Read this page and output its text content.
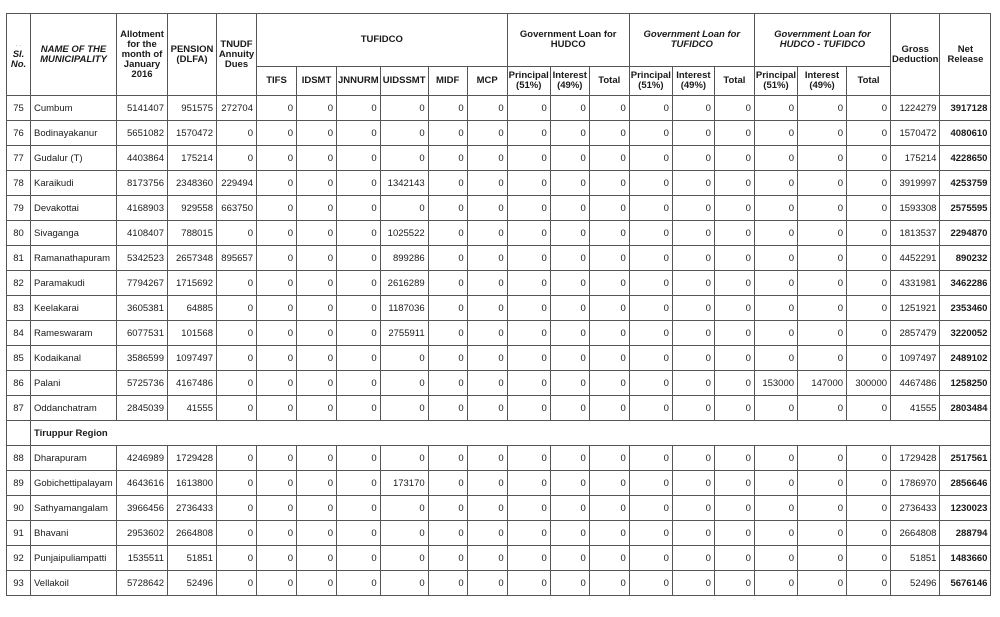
. .
Sl. No.	NAME OF THE MUNICIPALITY	Allotment for the month of January 2016	PENSION (DLFA)	TNUDF Annuity Dues	TUFIDCO						Government Loan for HUDCO			Government Loan for TUFIDCO			Government Loan for HUDCO - TUFIDCO			Gross Deduction	Net Release

					TIFS	IDSMT	JNNURM	UIDSSMT	MIDF	MCP	Principal (51%)	Interest (49%)	Total	Principal (51%)	Interest (49%)	Total	Principal (51%)	Interest (49%)	Total		
75	Cumbum	5141407	951575	272704	0	0	0	0	0	0	0	0	0	0	0	0	0	0	0	1224279	3917128
76	Bodinayakanur	5651082	1570472	0	0	0	0	0	0	0	0	0	0	0	0	0	0	0	0	1570472	4080610
77	Gudalur (T)	4403864	175214	0	0	0	0	0	0	0	0	0	0	0	0	0	0	0	0	175214	4228650
78	Karaikudi	8173756	2348360	229494	0	0	0	1342143	0	0	0	0	0	0	0	0	0	0	0	3919997	4253759
79	Devakottai	4168903	929558	663750	0	0	0	0	0	0	0	0	0	0	0	0	0	0	0	1593308	2575595
80	Sivaganga	4108407	788015	0	0	0	0	1025522	0	0	0	0	0	0	0	0	0	0	0	1813537	2294870
81	Ramanathapuram	5342523	2657348	895657	0	0	0	899286	0	0	0	0	0	0	0	0	0	0	0	4452291	890232
82	Paramakudi	7794267	1715692	0	0	0	0	2616289	0	0	0	0	0	0	0	0	0	0	0	4331981	3462286
83	Keelakarai	3605381	64885	0	0	0	0	1187036	0	0	0	0	0	0	0	0	0	0	0	1251921	2353460
84	Rameswaram	6077531	101568	0	0	0	0	2755911	0	0	0	0	0	0	0	0	0	0	0	2857479	3220052
85	Kodaikanal	3586599	1097497	0	0	0	0	0	0	0	0	0	0	0	0	0	0	0	0	1097497	2489102
86	Palani	5725736	4167486	0	0	0	0	0	0	0	0	0	0	0	0	0	153000	147000	300000	4467486	1258250
87	Oddanchatram	2845039	41555	0	0	0	0	0	0	0	0	0	0	0	0	0	0	0	0	41555	2803484
	Tiruppur Region																				
88	Dharapuram	4246989	1729428	0	0	0	0	0	0	0	0	0	0	0	0	0	0	0	0	1729428	2517561
89	Gobichettipalayam	4643616	1613800	0	0	0	0	173170	0	0	0	0	0	0	0	0	0	0	0	1786970	2856646
90	Sathyamangalam	3966456	2736433	0	0	0	0	0	0	0	0	0	0	0	0	0	0	0	0	2736433	1230023
91	Bhavani	2953602	2664808	0	0	0	0	0	0	0	0	0	0	0	0	0	0	0	0	2664808	288794
92	Punjaipuliampatti	1535511	51851	0	0	0	0	0	0	0	0	0	0	0	0	0	0	0	0	51851	1483660
93	Vellakoil	5728642	52496	0	0	0	0	0	0	0	0	0	0	0	0	0	0	0	0	52496	5676146
